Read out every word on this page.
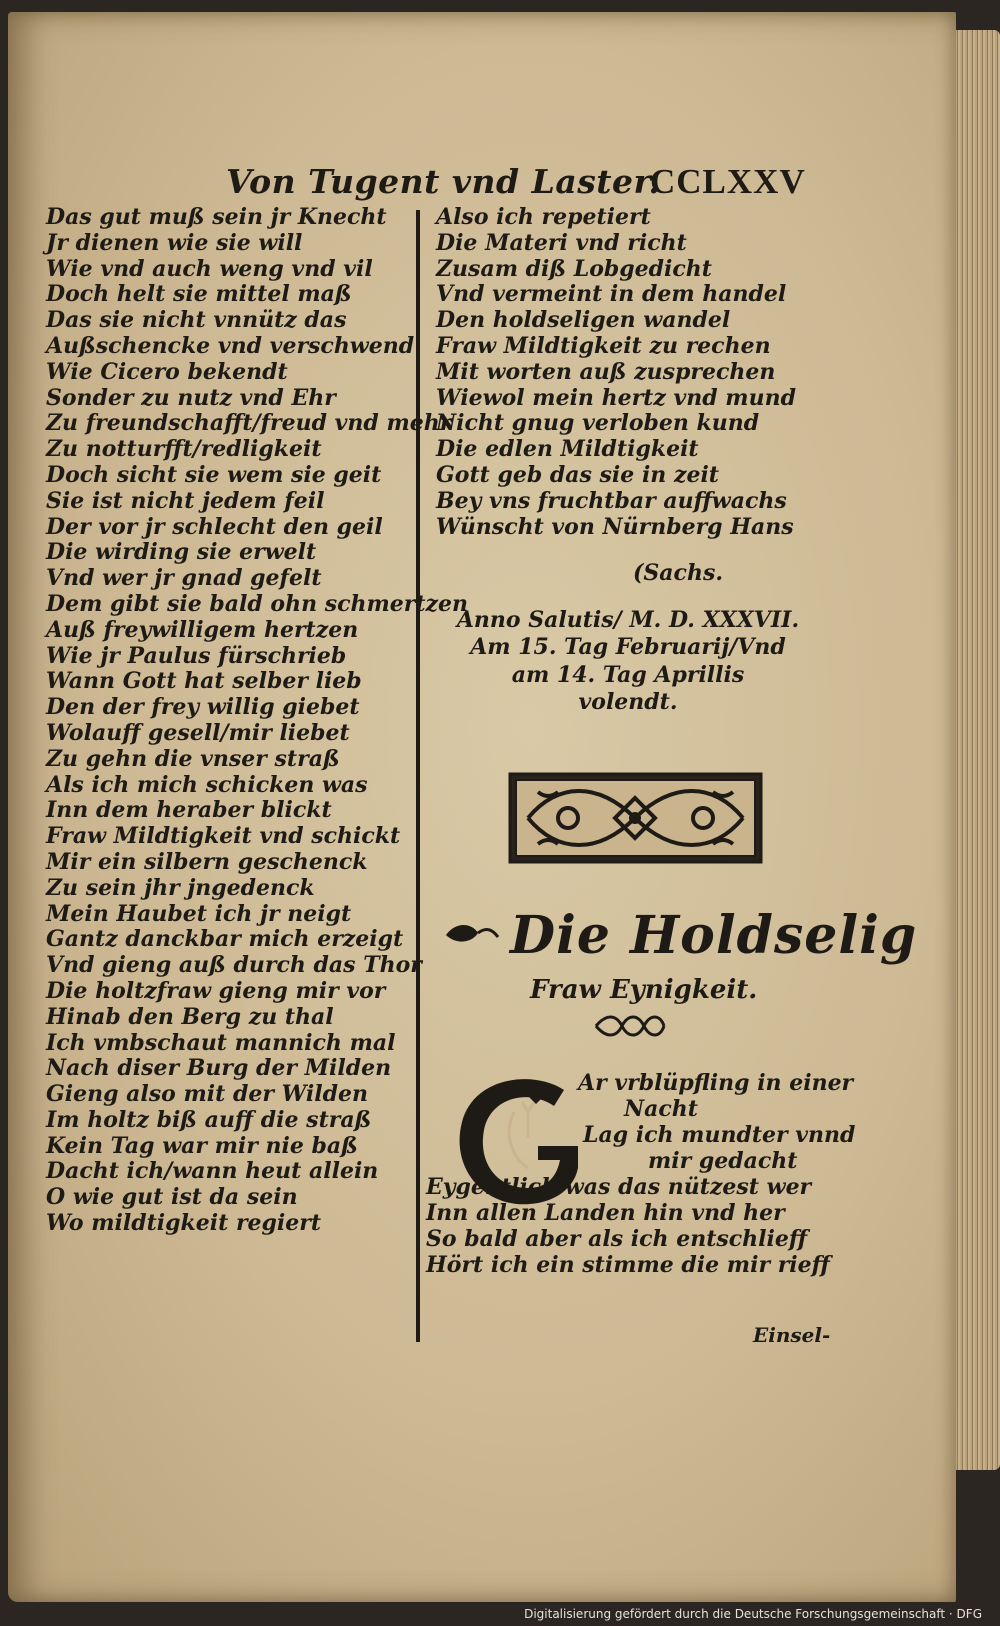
Von Tugent vnd Laster.
CCLXXV
Das gut muß sein jr Knecht
Jr dienen wie sie will
Wie vnd auch weng vnd vil
Doch helt sie mittel maß
Das sie nicht vnnütz das
Außschencke vnd verschwend
Wie Cicero bekendt
Sonder zu nutz vnd Ehr
Zu freundschafft/freud vnd mehr
Zu notturfft/redligkeit
Doch sicht sie wem sie geit
Sie ist nicht jedem feil
Der vor jr schlecht den geil
Die wirding sie erwelt
Vnd wer jr gnad gefelt
Dem gibt sie bald ohn schmertzen
Auß freywilligem hertzen
Wie jr Paulus fürschrieb
Wann Gott hat selber lieb
Den der frey willig giebet
Wolauff gesell/mir liebet
Zu gehn die vnser straß
Als ich mich schicken was
Inn dem heraber blickt
Fraw Mildtigkeit vnd schickt
Mir ein silbern geschenck
Zu sein jhr jngedenck
Mein Haubet ich jr neigt
Gantz danckbar mich erzeigt
Vnd gieng auß durch das Thor
Die holtzfraw gieng mir vor
Hinab den Berg zu thal
Ich vmbschaut mannich mal
Nach diser Burg der Milden
Gieng also mit der Wilden
Im holtz biß auff die straß
Kein Tag war mir nie baß
Dacht ich/wann heut allein
O wie gut ist da sein
Wo mildtigkeit regiert
Also ich repetiert
Die Materi vnd richt
Zusam diß Lobgedicht
Vnd vermeint in dem handel
Den holdseligen wandel
Fraw Mildtigkeit zu rechen
Mit worten auß zusprechen
Wiewol mein hertz vnd mund
Nicht gnug verloben kund
Die edlen Mildtigkeit
Gott geb das sie in zeit
Bey vns fruchtbar auffwachs
Wünscht von Nürnberg Hans
(Sachs.
Anno Salutis/ M. D. XXXVII.
Am 15. Tag Februarij/Vnd
am 14. Tag Aprillis
volendt.
Die Holdselig
Fraw Eynigkeit.
Ar vrblüpfling in einer
Nacht
Lag ich mundter vnnd
mir gedacht
Eygentlich was das nützest wer
Inn allen Landen hin vnd her
So bald aber als ich entschlieff
Hört ich ein stimme die mir rieff
Einsel-
Digitalisierung gefördert durch die Deutsche Forschungsgemeinschaft · DFG
